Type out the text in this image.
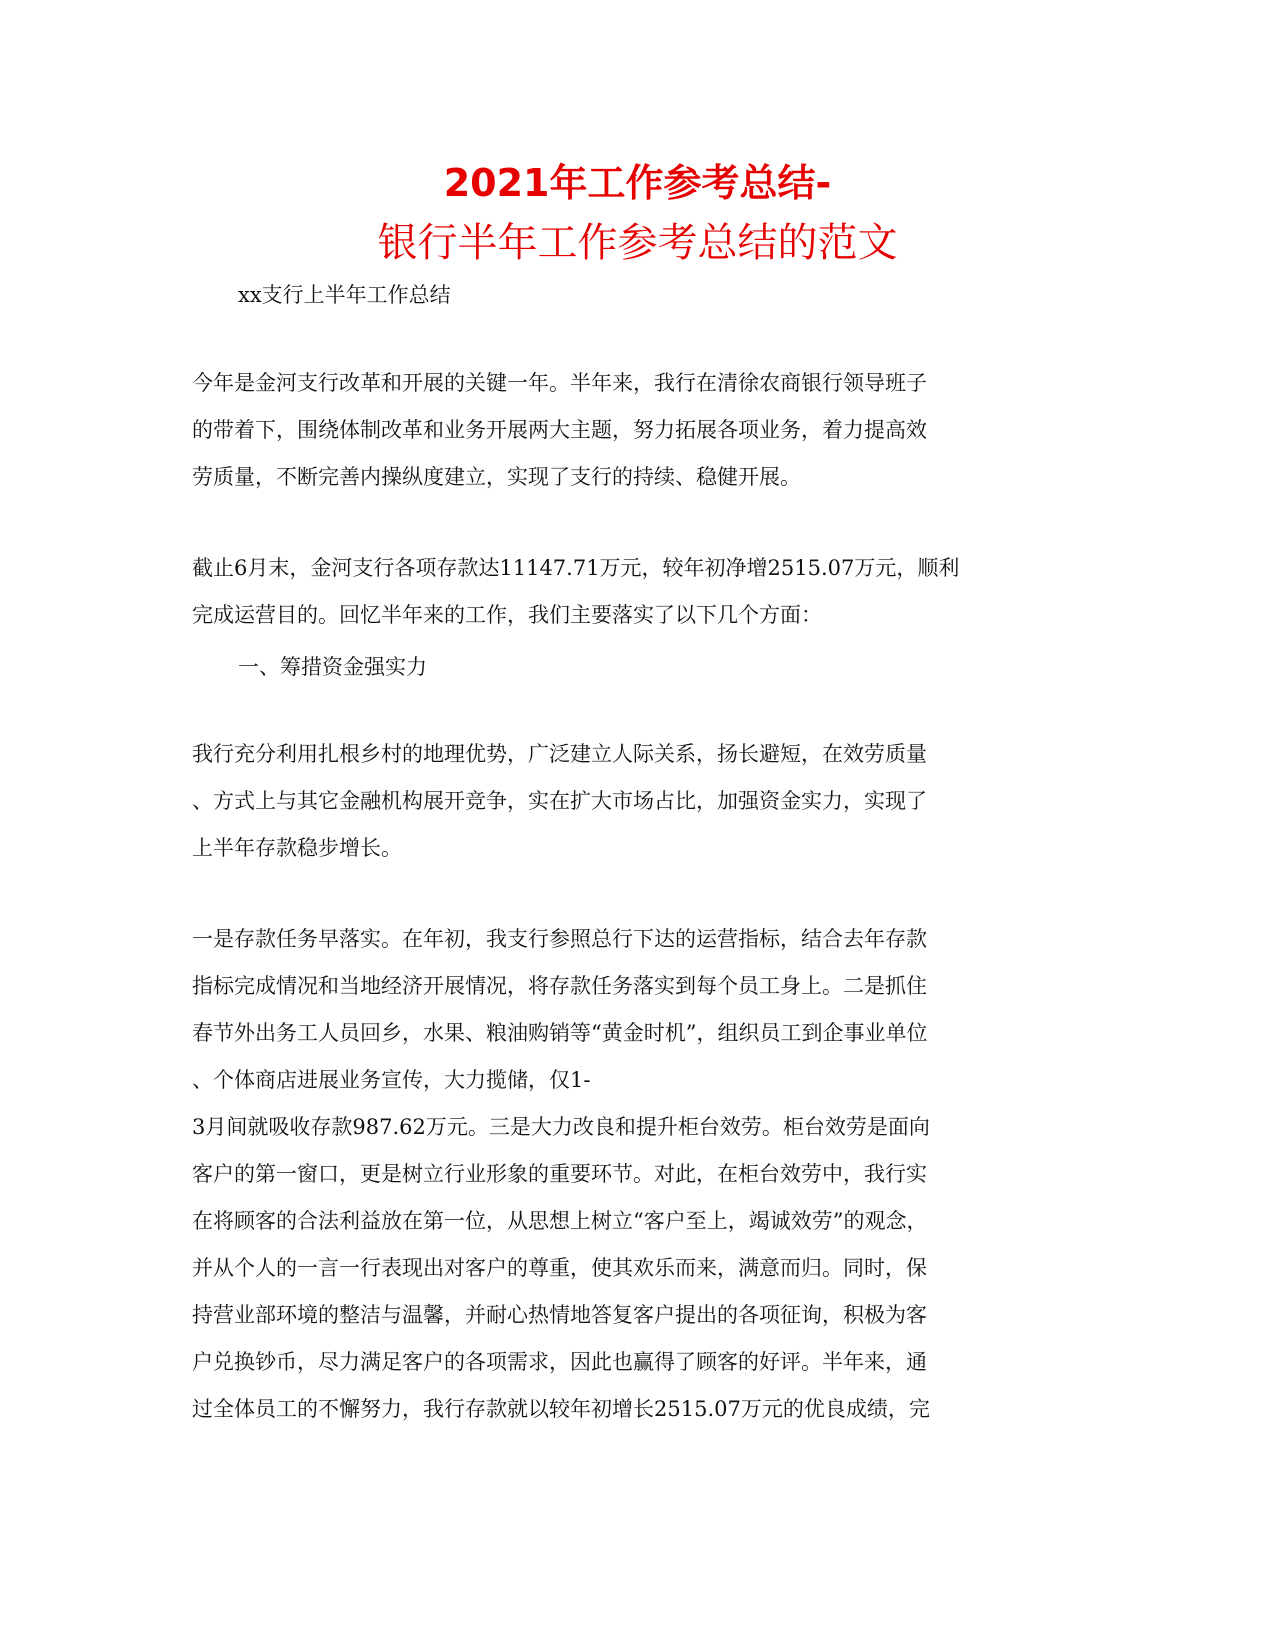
2021年工作参考总结-
银行半年工作参考总结的范文
xx支行上半年工作总结
今年是金河支行改革和开展的关键一年。半年来，我行在清徐农商银行领导班子
的带着下，围绕体制改革和业务开展两大主题，努力拓展各项业务，着力提高效
劳质量，不断完善内操纵度建立，实现了支行的持续、稳健开展。
截止6月末，金河支行各项存款达11147.71万元，较年初净增2515.07万元，顺利
完成运营目的。回忆半年来的工作，我们主要落实了以下几个方面：
一、筹措资金强实力
我行充分利用扎根乡村的地理优势，广泛建立人际关系，扬长避短，在效劳质量
、方式上与其它金融机构展开竞争，实在扩大市场占比，加强资金实力，实现了
上半年存款稳步增长。
一是存款任务早落实。在年初，我支行参照总行下达的运营指标，结合去年存款
指标完成情况和当地经济开展情况，将存款任务落实到每个员工身上。二是抓住
春节外出务工人员回乡，水果、粮油购销等“黄金时机”，组织员工到企事业单位
、个体商店进展业务宣传，大力揽储，仅1-
3月间就吸收存款987.62万元。三是大力改良和提升柜台效劳。柜台效劳是面向
客户的第一窗口，更是树立行业形象的重要环节。对此，在柜台效劳中，我行实
在将顾客的合法利益放在第一位，从思想上树立“客户至上，竭诚效劳”的观念，
并从个人的一言一行表现出对客户的尊重，使其欢乐而来，满意而归。同时，保
持营业部环境的整洁与温馨，并耐心热情地答复客户提出的各项征询，积极为客
户兑换钞币，尽力满足客户的各项需求，因此也赢得了顾客的好评。半年来，通
过全体员工的不懈努力，我行存款就以较年初增长2515.07万元的优良成绩，完
